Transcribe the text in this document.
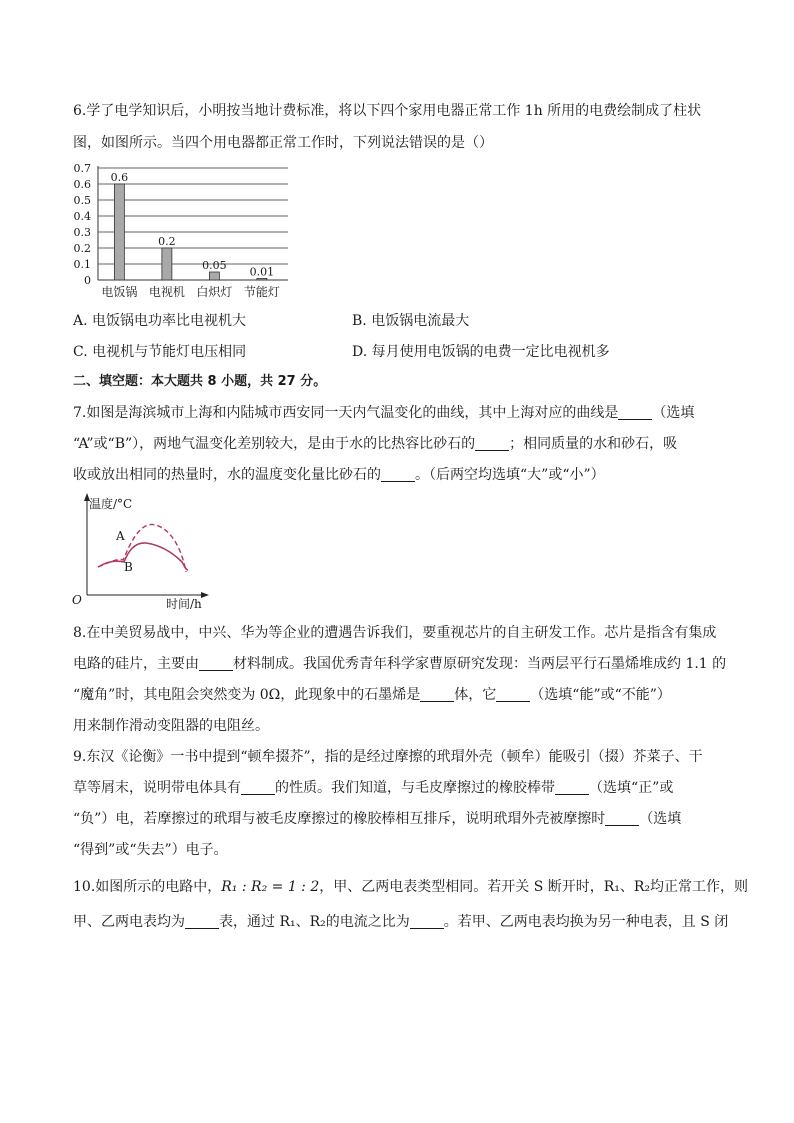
6.学了电学知识后，小明按当地计费标准，将以下四个家用电器正常工作 1h 所用的电费绘制成了柱状
图，如图所示。当四个用电器都正常工作时，下列说法错误的是（）
0.7
0.6
0.5
0.4
0.3
0.2
0.1
0
0.6
电饭锅
0.2
电视机
0.05
白炽灯
0.01
节能灯
A. 电饭锅电功率比电视机大	B. 电饭锅电流最大
C. 电视机与节能灯电压相同	D. 每月使用电饭锅的电费一定比电视机多
二、填空题：本大题共 8 小题，共 27 分。
7.如图是海滨城市上海和内陆城市西安同一天内气温变化的曲线，其中上海对应的曲线是 （选填
“A”或“B”），两地气温变化差别较大，是由于水的比热容比砂石的 ；相同质量的水和砂石，吸
收或放出相同的热量时，水的温度变化量比砂石的 。（后两空均选填“大”或“小”）
温度/°C
时间/h
O
A
B
8.在中美贸易战中，中兴、华为等企业的遭遇告诉我们，要重视芯片的自主研发工作。芯片是指含有集成
电路的硅片，主要由 材料制成。我国优秀青年科学家曹原研究发现：当两层平行石墨烯堆成约 1.1 的
“魔角”时，其电阻会突然变为 0Ω，此现象中的石墨烯是 体，它 （选填“能”或“不能”）
用来制作滑动变阻器的电阻丝。
9.东汉《论衡》一书中提到“顿牟掇芥”，指的是经过摩擦的玳瑁外壳（顿牟）能吸引（掇）芥菜子、干
草等屑末，说明带电体具有 的性质。我们知道，与毛皮摩擦过的橡胶棒带 （选填“正”或
“负”）电，若摩擦过的玳瑁与被毛皮摩擦过的橡胶棒相互排斥，说明玳瑁外壳被摩擦时 （选填
“得到”或“失去”）电子。
10.如图所示的电路中，R₁ : R₂ = 1 : 2，甲、乙两电表类型相同。若开关 S 断开时，R₁、R₂均正常工作，则
甲、乙两电表均为 表，通过 R₁、R₂的电流之比为 。若甲、乙两电表均换为另一种电表，且 S 闭
